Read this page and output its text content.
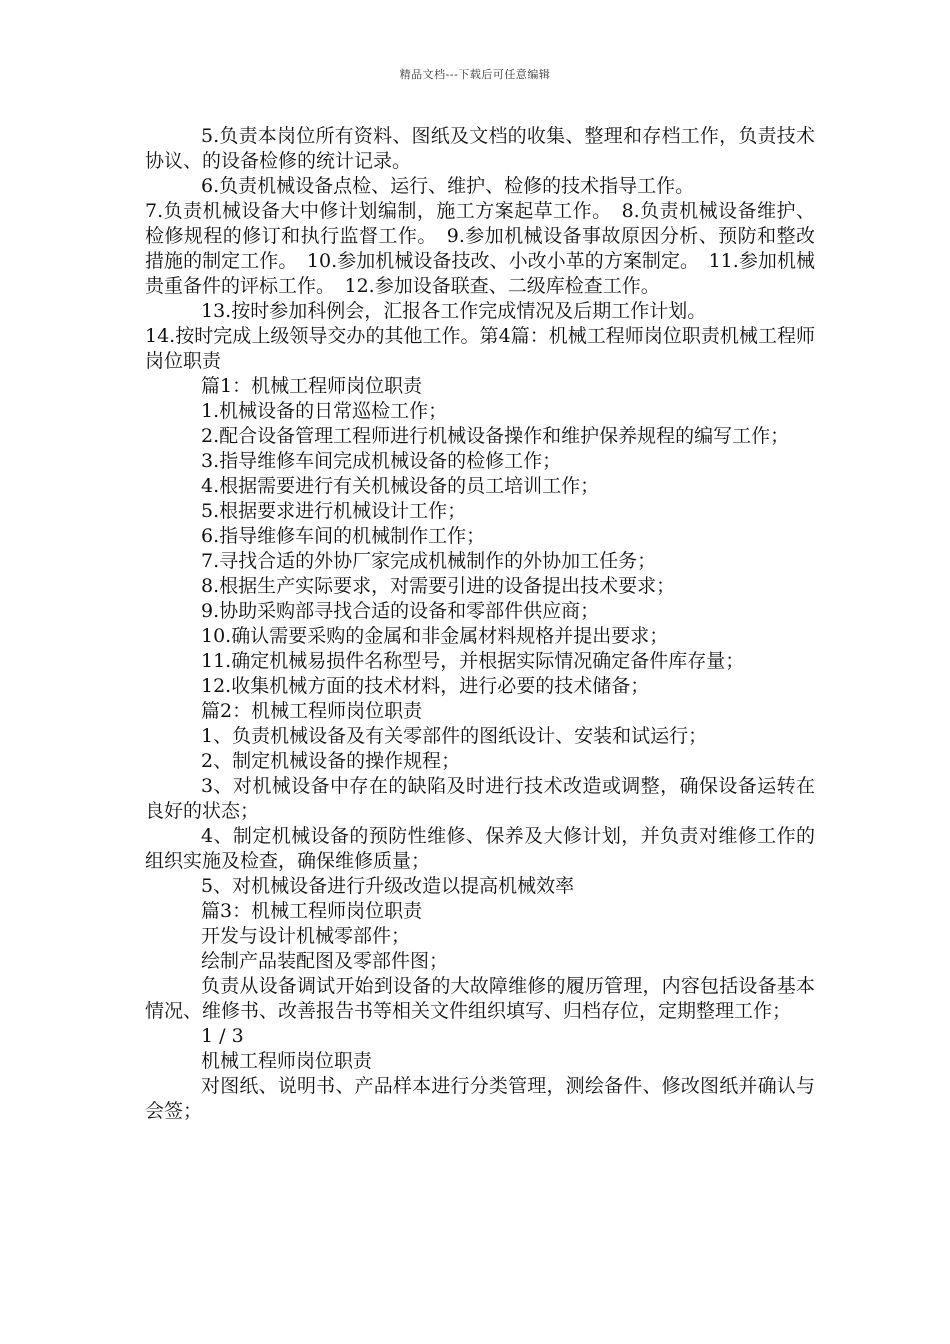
精品文档---下载后可任意编辑

5.负责本岗位所有资料、图纸及文档的收集、整理和存档工作，负责技术协议、的设备检修的统计记录。

6.负责机械设备点检、运行、维护、检修的技术指导工作。

7.负责机械设备大中修计划编制，施工方案起草工作。　8.负责机械设备维护、检修规程的修订和执行监督工作。　9.参加机械设备事故原因分析、预防和整改措施的制定工作。　10.参加机械设备技改、小改小革的方案制定。　11.参加机械贵重备件的评标工作。　12.参加设备联查、二级库检查工作。

13.按时参加科例会，汇报各工作完成情况及后期工作计划。

14.按时完成上级领导交办的其他工作。第4篇：机械工程师岗位职责机械工程师岗位职责

篇1：机械工程师岗位职责

1.机械设备的日常巡检工作；

2.配合设备管理工程师进行机械设备操作和维护保养规程的编写工作；

3.指导维修车间完成机械设备的检修工作；

4.根据需要进行有关机械设备的员工培训工作；

5.根据要求进行机械设计工作；

6.指导维修车间的机械制作工作；

7.寻找合适的外协厂家完成机械制作的外协加工任务；

8.根据生产实际要求，对需要引进的设备提出技术要求；

9.协助采购部寻找合适的设备和零部件供应商；

10.确认需要采购的金属和非金属材料规格并提出要求；

11.确定机械易损件名称型号，并根据实际情况确定备件库存量；

12.收集机械方面的技术材料，进行必要的技术储备；

篇2：机械工程师岗位职责

1、负责机械设备及有关零部件的图纸设计、安装和试运行；

2、制定机械设备的操作规程；

3、对机械设备中存在的缺陷及时进行技术改造或调整，确保设备运转在良好的状态；

4、制定机械设备的预防性维修、保养及大修计划，并负责对维修工作的组织实施及检查，确保维修质量；

5、对机械设备进行升级改造以提高机械效率

篇3：机械工程师岗位职责

开发与设计机械零部件；

绘制产品装配图及零部件图；

负责从设备调试开始到设备的大故障维修的履历管理，内容包括设备基本情况、维修书、改善报告书等相关文件组织填写、归档存位，定期整理工作；

1 / 3

机械工程师岗位职责

对图纸、说明书、产品样本进行分类管理，测绘备件、修改图纸并确认与会签；
